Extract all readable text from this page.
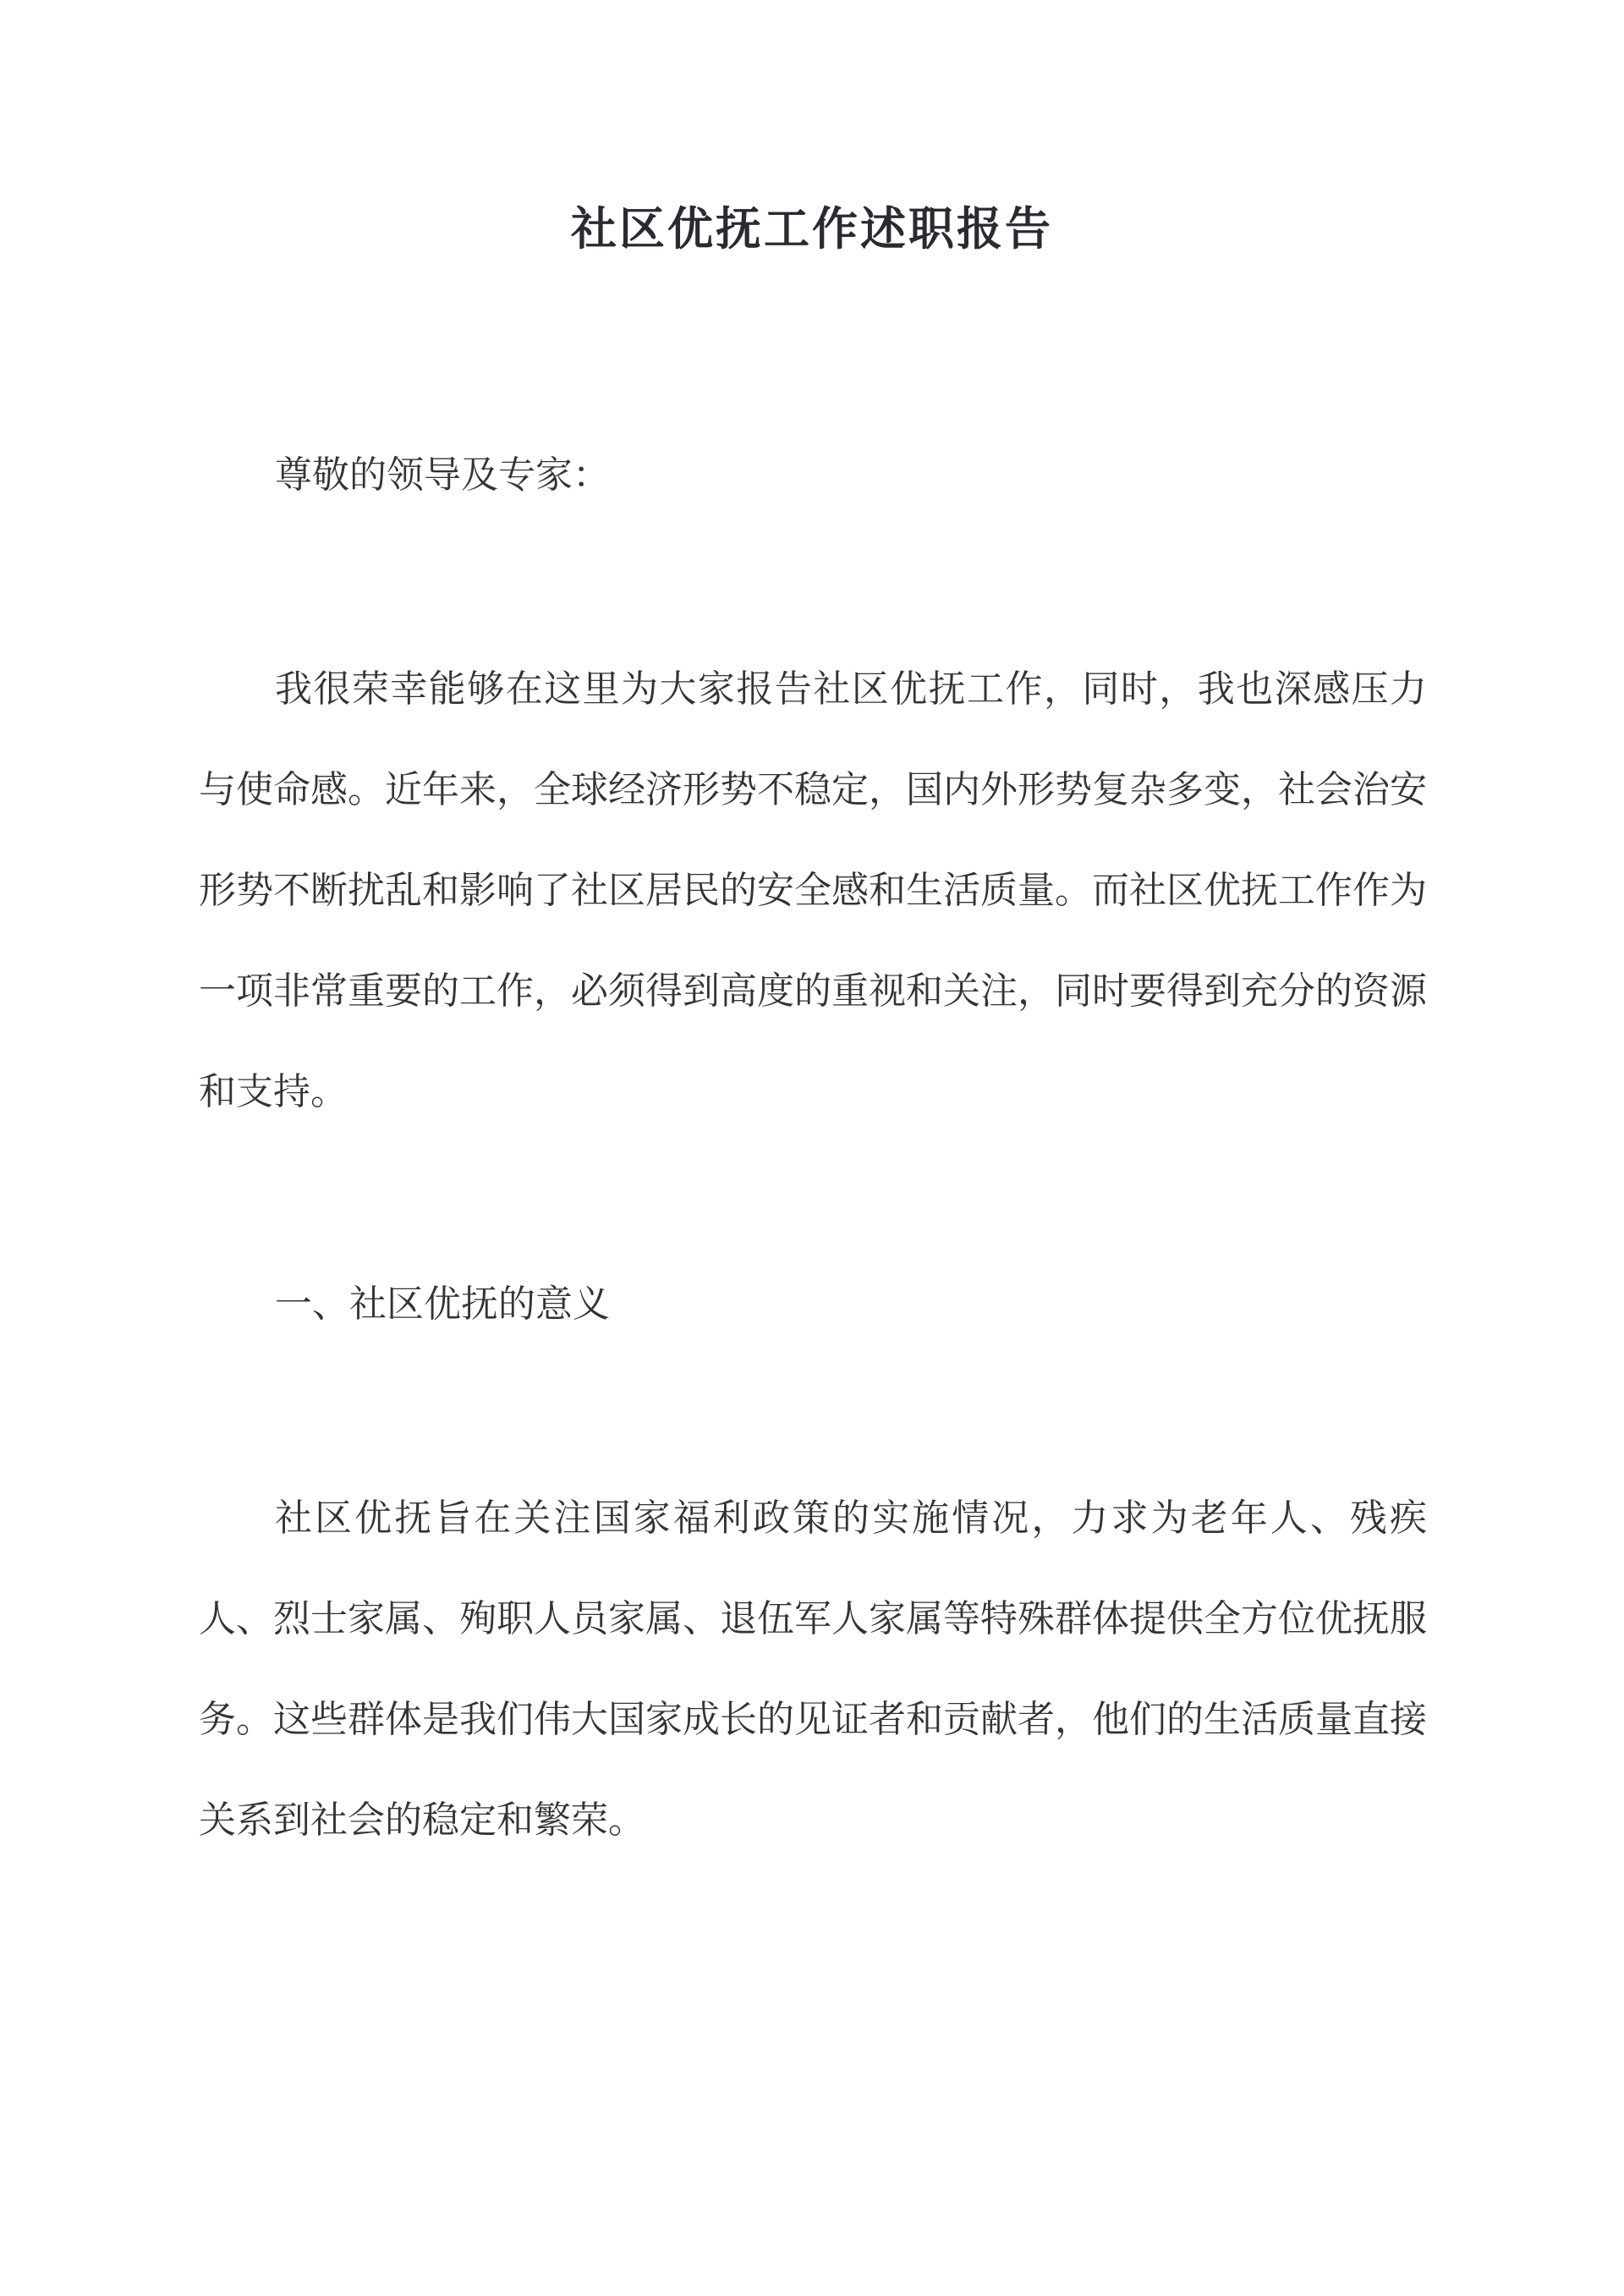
社区优抚工作述职报告

尊敬的领导及专家：

我很荣幸能够在这里为大家报告社区优抚工作，同时，我也深感压力与使命感。近年来，全球经济形势不稳定，国内外形势复杂多变，社会治安形势不断扰乱和影响了社区居民的安全感和生活质量。而社区优抚工作作为一项非常重要的工作，必须得到高度的重视和关注，同时要得到充分的资源和支持。

一、社区优抚的意义

社区优抚旨在关注国家福利政策的实施情况，力求为老年人、残疾人、烈士家属、殉职人员家属、退伍军人家属等特殊群体提供全方位优抚服务。这些群体是我们伟大国家成长的见证者和贡献者，他们的生活质量直接关系到社会的稳定和繁荣。
